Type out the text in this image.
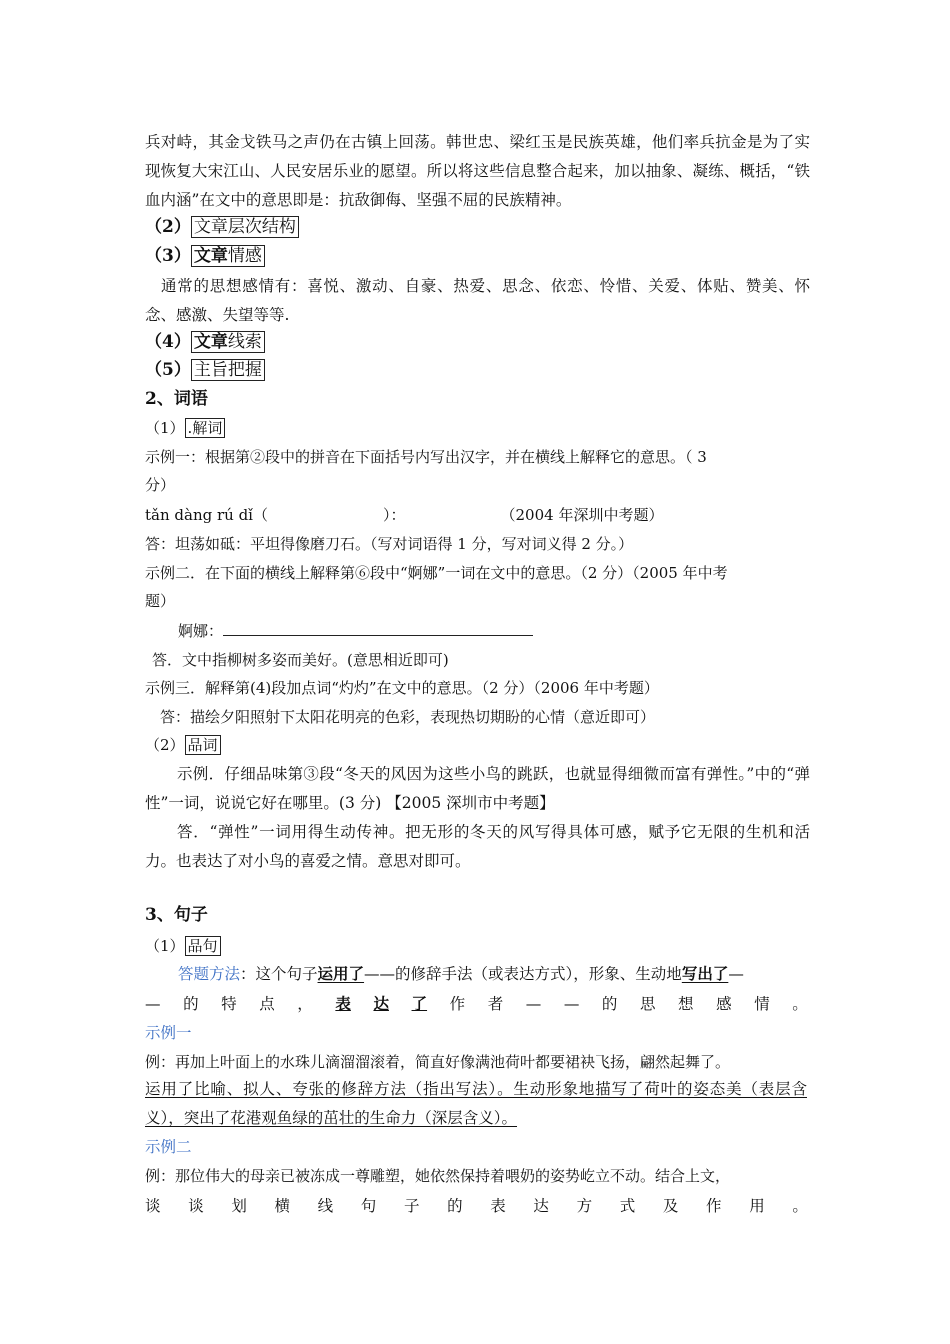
兵对峙，其金戈铁马之声仍在古镇上回荡。韩世忠、梁红玉是民族英雄，他们率兵抗金是为了实现恢复大宋江山、人民安居乐业的愿望。所以将这些信息整合起来，加以抽象、凝练、概括，“铁血内涵”在文中的意思即是：抗敌御侮、坚强不屈的民族精神。
（2） 文章层次结构
（3） 文章情感
通常的思想感情有：喜悦、激动、自豪、热爱、思念、依恋、怜惜、关爱、体贴、赞美、怀念、感激、失望等等.
（4） 文章线索
（5） 主旨把握
2、词语
（1） .解词
示例一：根据第②段中的拼音在下面括号内写出汉字，并在横线上解释它的意思。（ 3
分）
tǎn dàng rú dǐ（	）：	（2004 年深圳中考题）
答：坦荡如砥：平坦得像磨刀石。（写对词语得 1 分，写对词义得 2 分。）
示例二．在下面的横线上解释第⑥段中“婀娜”一词在文中的意思。（2 分）（2005 年中考
题）
婀娜：
答．文中指柳树多姿而美好。(意思相近即可)
示例三．解释第(4)段加点词“灼灼”在文中的意思。（2 分）（2006 年中考题）
答：描绘夕阳照射下太阳花明亮的色彩，表现热切期盼的心情（意近即可）
（2） 品词
示例．仔细品味第③段“冬天的风因为这些小鸟的跳跃，也就显得细微而富有弹性。”中的“弹性”一词，说说它好在哪里。(3 分) 【2005 深圳市中考题】
答．“弹性”一词用得生动传神。把无形的冬天的风写得具体可感，赋予它无限的生机和活力。也表达了对小鸟的喜爱之情。意思对即可。
3、句子
（1） 品句
答题方法：这个句子运用了——的修辞手法（或表达方式），形象、生动地写出了—
— 的 特 点 ， 表 达 了 作 者 — — 的 思 想 感 情 。
示例一
例：再加上叶面上的水珠儿滴溜溜滚着，简直好像满池荷叶都要裙袂飞扬，翩然起舞了。
运用了比喻、拟人、夸张的修辞方法（指出写法）。生动形象地描写了荷叶的姿态美（表层含义），突出了花港观鱼绿的茁壮的生命力（深层含义）。
示例二
例：那位伟大的母亲已被冻成一尊雕塑，她依然保持着喂奶的姿势屹立不动。结合上文，
谈 谈 划 横 线 句 子 的 表 达 方 式 及 作 用 。
